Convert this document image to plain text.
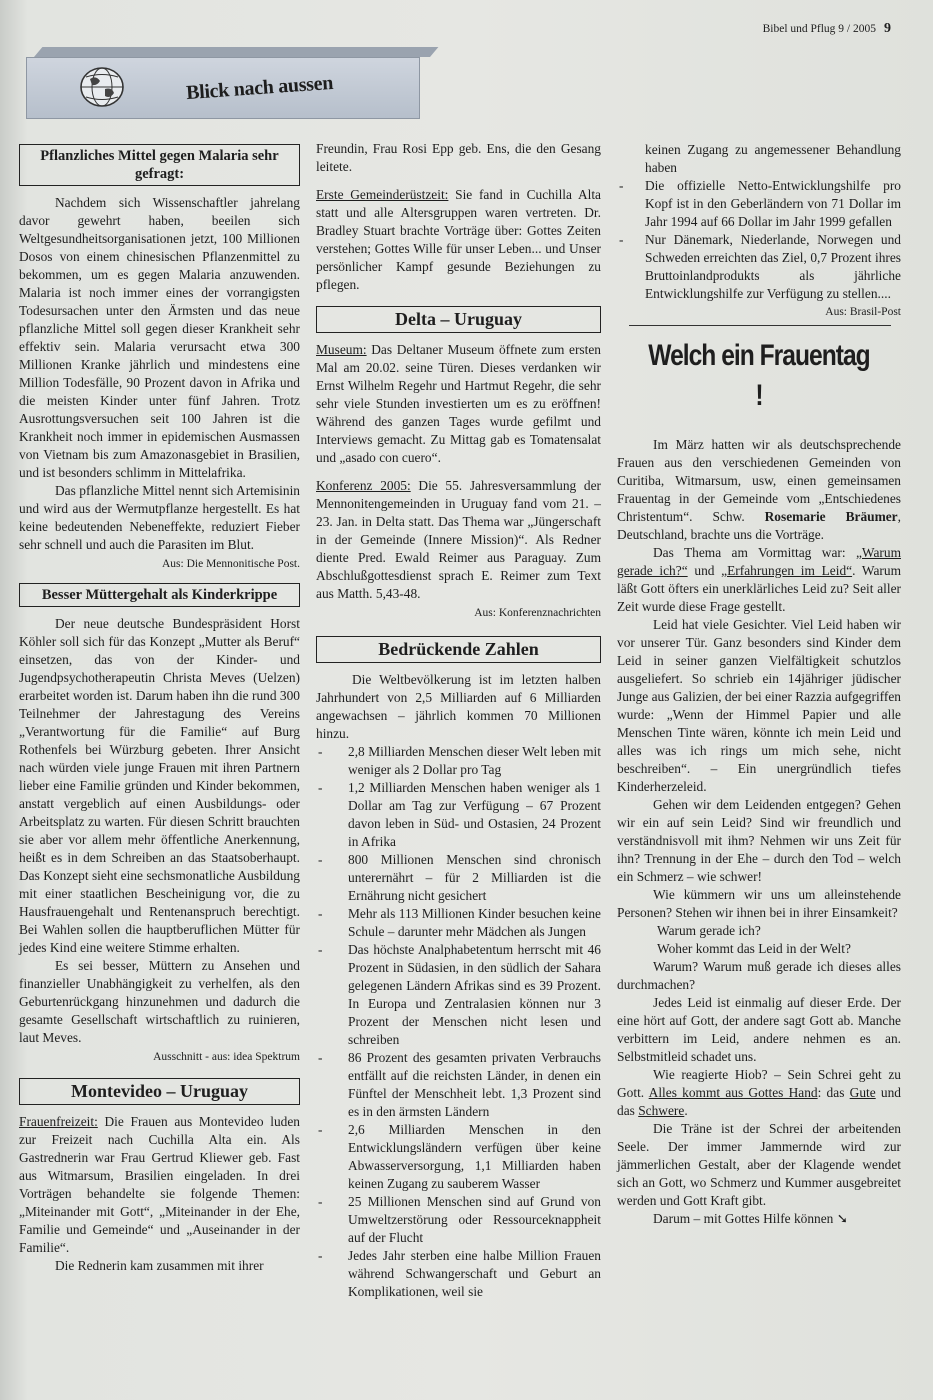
Bibel und Pflug 9 / 2005 9
Blick nach aussen
Pflanzliches Mittel gegen Malaria sehr gefragt:

Nachdem sich Wissenschaftler jahrelang davor gewehrt haben, beeilen sich Weltgesundheitsorganisationen jetzt, 100 Millionen Dosos von einem chinesischen Pflanzenmittel zu bekommen, um es gegen Malaria anzuwenden. Malaria ist noch immer eines der vorrangigsten Todesursachen unter den Ärmsten und das neue pflanzliche Mittel soll gegen dieser Krankheit sehr effektiv sein. Malaria verursacht etwa 300 Millionen Kranke jährlich und mindestens eine Million Todesfälle, 90 Prozent davon in Afrika und die meisten Kinder unter fünf Jahren. Trotz Ausrottungsversuchen seit 100 Jahren ist die Krankheit noch immer in epidemischen Ausmassen von Vietnam bis zum Amazonasgebiet in Brasilien, und ist besonders schlimm in Mittelafrika.

Das pflanzliche Mittel nennt sich Artemisinin und wird aus der Wermutpflanze hergestellt. Es hat keine bedeutenden Nebeneffekte, reduziert Fieber sehr schnell und auch die Parasiten im Blut.

Aus: Die Mennonitische Post.
Besser Müttergehalt als Kinderkrippe

Der neue deutsche Bundespräsident Horst Köhler soll sich für das Konzept „Mutter als Beruf“ einsetzen, das von der Kinder- und Jugendpsychotherapeutin Christa Meves (Uelzen) erarbeitet worden ist. Darum haben ihn die rund 300 Teilnehmer der Jahrestagung des Vereins „Verantwortung für die Familie“ auf Burg Rothenfels bei Würzburg gebeten. Ihrer Ansicht nach würden viele junge Frauen mit ihren Partnern lieber eine Familie gründen und Kinder bekommen, anstatt vergeblich auf einen Ausbildungs- oder Arbeitsplatz zu warten. Für diesen Schritt brauchten sie aber vor allem mehr öffentliche Anerkennung, heißt es in dem Schreiben an das Staatsoberhaupt. Das Konzept sieht eine sechsmonatliche Ausbildung mit einer staatlichen Bescheinigung vor, die zu Hausfrauengehalt und Rentenanspruch berechtigt. Bei Wahlen sollen die hauptberuflichen Mütter für jedes Kind eine weitere Stimme erhalten.

Es sei besser, Müttern zu Ansehen und finanzieller Unabhängigkeit zu verhelfen, als den Geburtenrückgang hinzunehmen und dadurch die gesamte Gesellschaft wirtschaftlich zu ruinieren, laut Meves.

Ausschnitt - aus: idea Spektrum
Montevideo – Uruguay

Frauenfreizeit: Die Frauen aus Montevideo luden zur Freizeit nach Cuchilla Alta ein. Als Gastrednerin war Frau Gertrud Kliewer geb. Fast aus Witmarsum, Brasilien eingeladen. In drei Vorträgen behandelte sie folgende Themen: „Miteinander mit Gott“, „Miteinander in der Ehe, Familie und Gemeinde“ und „Auseinander in der Familie“.

Die Rednerin kam zusammen mit ihrer

Freundin, Frau Rosi Epp geb. Ens, die den Gesang leitete.

Erste Gemeinderüstzeit: Sie fand in Cuchilla Alta statt und alle Altersgruppen waren vertreten. Dr. Bradley Stuart brachte Vorträge über: Gottes Zeiten verstehen; Gottes Wille für unser Leben... und Unser persönlicher Kampf gesunde Beziehungen zu pflegen.

Delta – Uruguay

Museum: Das Deltaner Museum öffnete zum ersten Mal am 20.02. seine Türen. Dieses verdanken wir Ernst Wilhelm Regehr und Hartmut Regehr, die sehr sehr viele Stunden investierten um es zu eröffnen! Während des ganzen Tages wurde gefilmt und Interviews gemacht. Zu Mittag gab es Tomatensalat und „asado con cuero“.

Konferenz 2005: Die 55. Jahresversammlung der Mennonitengemeinden in Uruguay fand vom 21. – 23. Jan. in Delta statt. Das Thema war „Jüngerschaft in der Gemeinde (Innere Mission)“. Als Redner diente Pred. Ewald Reimer aus Paraguay. Zum Abschlußgottesdienst sprach E. Reimer zum Text aus Matth. 5,43-48.

Aus: Konferenznachrichten
Bedrückende Zahlen

Die Weltbevölkerung ist im letzten halben Jahrhundert von 2,5 Milliarden auf 6 Milliarden angewachsen – jährlich kommen 70 Millionen hinzu.

- 2,8 Milliarden Menschen dieser Welt leben mit weniger als 2 Dollar pro Tag
- 1,2 Milliarden Menschen haben weniger als 1 Dollar am Tag zur Verfügung – 67 Prozent davon leben in Süd- und Ostasien, 24 Prozent in Afrika
- 800 Millionen Menschen sind chronisch unterernährt – für 2 Milliarden ist die Ernährung nicht gesichert
- Mehr als 113 Millionen Kinder besuchen keine Schule – darunter mehr Mädchen als Jungen
- Das höchste Analphabetentum herrscht mit 46 Prozent in Südasien, in den südlich der Sahara gelegenen Ländern Afrikas sind es 39 Prozent. In Europa und Zentralasien können nur 3 Prozent der Menschen nicht lesen und schreiben
- 86 Prozent des gesamten privaten Verbrauchs entfällt auf die reichsten Länder, in denen ein Fünftel der Menschheit lebt. 1,3 Prozent sind es in den ärmsten Ländern
- 2,6 Milliarden Menschen in den Entwicklungsländern verfügen über keine Abwasserversorgung, 1,1 Milliarden haben keinen Zugang zu sauberem Wasser
- 25 Millionen Menschen sind auf Grund von Umweltzerstörung oder Ressourceknappheit auf der Flucht
- Jedes Jahr sterben eine halbe Million Frauen während Schwangerschaft und Geburt an Komplikationen, weil sie

keinen Zugang zu angemessener Behandlung haben

- Die offizielle Netto-Entwicklungshilfe pro Kopf ist in den Geberländern von 71 Dollar im Jahr 1994 auf 66 Dollar im Jahr 1999 gefallen
- Nur Dänemark, Niederlande, Norwegen und Schweden erreichten das Ziel, 0,7 Prozent ihres Bruttoinlandprodukts als jährliche Entwicklungshilfe zur Verfügung zu stellen....
Aus: Brasil-Post
Welch ein Frauentag !

Im März hatten wir als deutschsprechende Frauen aus den verschiedenen Gemeinden von Curitiba, Witmarsum, usw, einen gemeinsamen Frauentag in der Gemeinde vom „Entschiedenes Christentum“. Schw. Rosemarie Bräumer, Deutschland, brachte uns die Vorträge.

Das Thema am Vormittag war: „Warum gerade ich?“ und „Erfahrungen im Leid“. Warum läßt Gott öfters ein unerklärliches Leid zu? Seit aller Zeit wurde diese Frage gestellt.

Leid hat viele Gesichter. Viel Leid haben wir vor unserer Tür. Ganz besonders sind Kinder dem Leid in seiner ganzen Vielfältigkeit schutzlos ausgeliefert. So schrieb ein 14jähriger jüdischer Junge aus Galizien, der bei einer Razzia aufgegriffen wurde: „Wenn der Himmel Papier und alle Menschen Tinte wären, könnte ich mein Leid und alles was ich rings um mich sehe, nicht beschreiben“. – Ein unergründlich tiefes Kinderherzeleid.

Gehen wir dem Leidenden entgegen? Gehen wir ein auf sein Leid? Sind wir freundlich und verständnisvoll mit ihm? Nehmen wir uns Zeit für ihn? Trennung in der Ehe – durch den Tod – welch ein Schmerz – wie schwer!

Wie kümmern wir uns um alleinstehende Personen? Stehen wir ihnen bei in ihrer Einsamkeit?

Warum gerade ich?

Woher kommt das Leid in der Welt?

Warum? Warum muß gerade ich dieses alles durchmachen?

Jedes Leid ist einmalig auf dieser Erde. Der eine hört auf Gott, der andere sagt Gott ab. Manche verbittern im Leid, andere nehmen es an. Selbstmitleid schadet uns.

Wie reagierte Hiob? – Sein Schrei geht zu Gott. Alles kommt aus Gottes Hand: das Gute und das Schwere.

Die Träne ist der Schrei der arbeitenden Seele. Der immer Jammernde wird zur jämmerlichen Gestalt, aber der Klagende wendet sich an Gott, wo Schmerz und Kummer ausgebreitet werden und Gott Kraft gibt.

Darum – mit Gottes Hilfe können ➘
